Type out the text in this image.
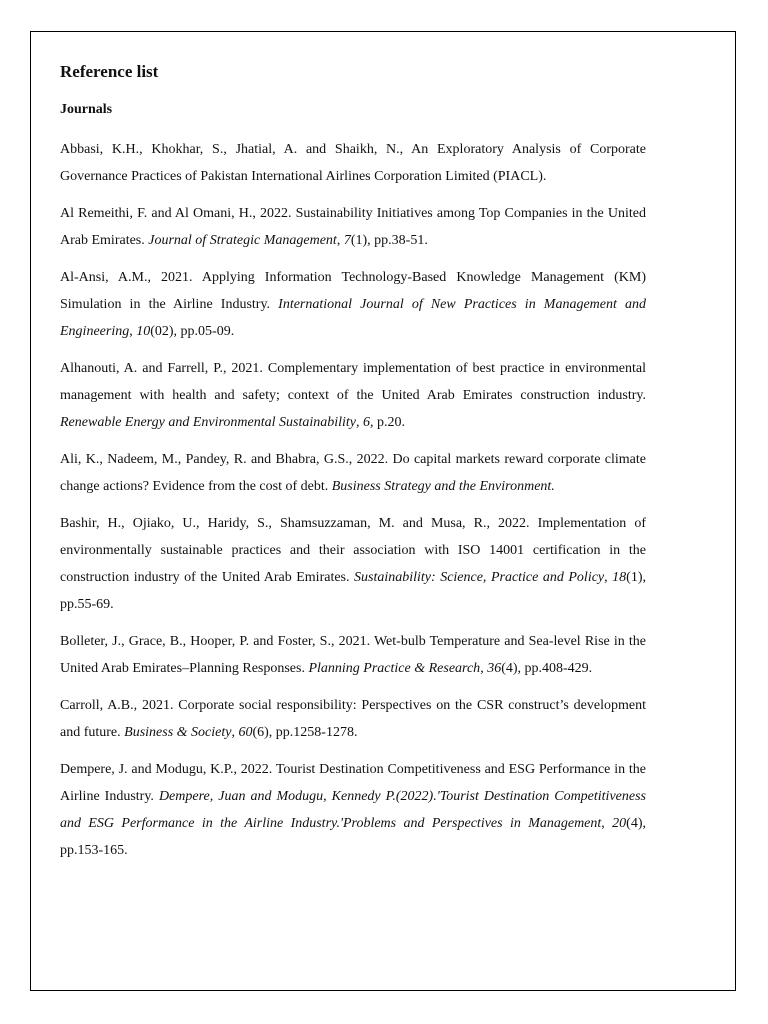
Reference list
Journals

Abbasi, K.H., Khokhar, S., Jhatial, A. and Shaikh, N., An Exploratory Analysis of Corporate Governance Practices of Pakistan International Airlines Corporation Limited (PIACL).

Al Remeithi, F. and Al Omani, H., 2022. Sustainability Initiatives among Top Companies in the United Arab Emirates. Journal of Strategic Management, 7(1), pp.38-51.

Al-Ansi, A.M., 2021. Applying Information Technology-Based Knowledge Management (KM) Simulation in the Airline Industry. International Journal of New Practices in Management and Engineering, 10(02), pp.05-09.

Alhanouti, A. and Farrell, P., 2021. Complementary implementation of best practice in environmental management with health and safety; context of the United Arab Emirates construction industry. Renewable Energy and Environmental Sustainability, 6, p.20.

Ali, K., Nadeem, M., Pandey, R. and Bhabra, G.S., 2022. Do capital markets reward corporate climate change actions? Evidence from the cost of debt. Business Strategy and the Environment.

Bashir, H., Ojiako, U., Haridy, S., Shamsuzzaman, M. and Musa, R., 2022. Implementation of environmentally sustainable practices and their association with ISO 14001 certification in the construction industry of the United Arab Emirates. Sustainability: Science, Practice and Policy, 18(1), pp.55-69.

Bolleter, J., Grace, B., Hooper, P. and Foster, S., 2021. Wet-bulb Temperature and Sea-level Rise in the United Arab Emirates–Planning Responses. Planning Practice & Research, 36(4), pp.408-429.

Carroll, A.B., 2021. Corporate social responsibility: Perspectives on the CSR construct’s development and future. Business & Society, 60(6), pp.1258-1278.

Dempere, J. and Modugu, K.P., 2022. Tourist Destination Competitiveness and ESG Performance in the Airline Industry. Dempere, Juan and Modugu, Kennedy P.(2022).'Tourist Destination Competitiveness and ESG Performance in the Airline Industry.'Problems and Perspectives in Management, 20(4), pp.153-165.
